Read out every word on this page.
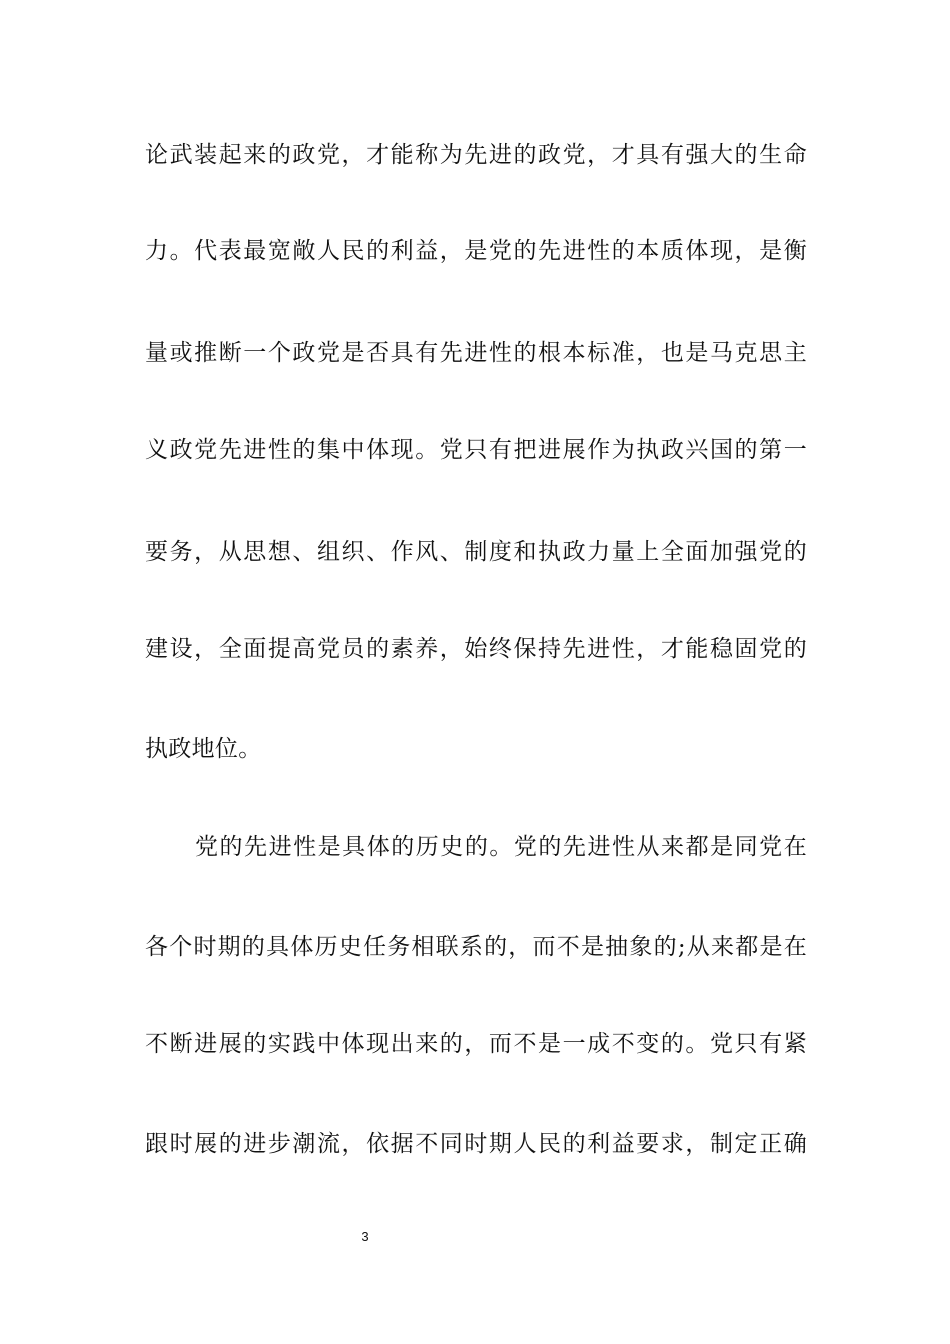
论武装起来的政党，才能称为先进的政党，才具有强大的生命
力。代表最宽敞人民的利益，是党的先进性的本质体现，是衡
量或推断一个政党是否具有先进性的根本标准，也是马克思主
义政党先进性的集中体现。党只有把进展作为执政兴国的第一
要务，从思想、组织、作风、制度和执政力量上全面加强党的
建设，全面提高党员的素养，始终保持先进性，才能稳固党的
执政地位。
党的先进性是具体的历史的。党的先进性从来都是同党在
各个时期的具体历史任务相联系的，而不是抽象的;从来都是在
不断进展的实践中体现出来的，而不是一成不变的。党只有紧
跟时展的进步潮流，依据不同时期人民的利益要求，制定正确
3
